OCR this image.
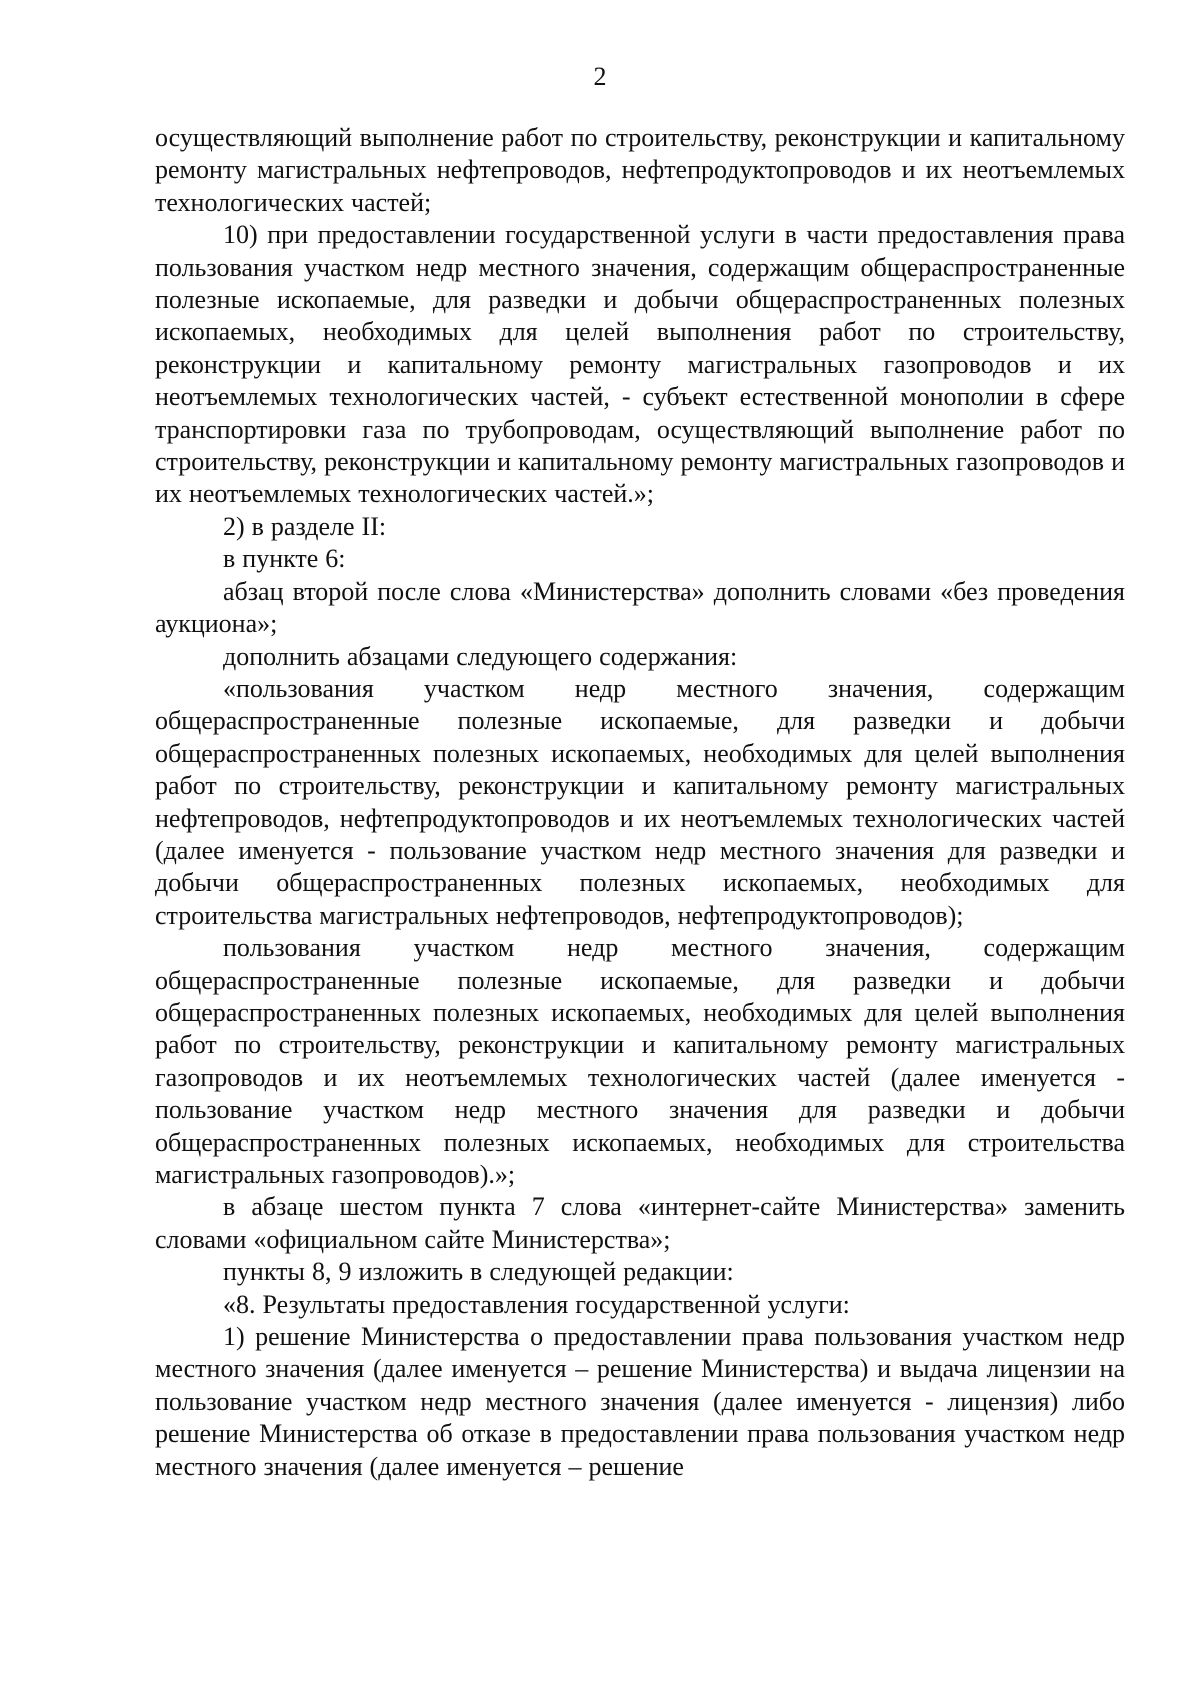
2

осуществляющий выполнение работ по строительству, реконструкции и капитальному ремонту магистральных нефтепроводов, нефтепродуктопроводов и их неотъемлемых технологических частей;

10) при предоставлении государственной услуги в части предоставления права пользования участком недр местного значения, содержащим общераспространенные полезные ископаемые, для разведки и добычи общераспространенных полезных ископаемых, необходимых для целей выполнения работ по строительству, реконструкции и капитальному ремонту магистральных газопроводов и их неотъемлемых технологических частей, - субъект естественной монополии в сфере транспортировки газа по трубопроводам, осуществляющий выполнение работ по строительству, реконструкции и капитальному ремонту магистральных газопроводов и их неотъемлемых технологических частей.»;

2) в разделе II:

в пункте 6:

абзац второй после слова «Министерства» дополнить словами «без проведения аукциона»;

дополнить абзацами следующего содержания:

«пользования участком недр местного значения, содержащим общераспространенные полезные ископаемые, для разведки и добычи общераспространенных полезных ископаемых, необходимых для целей выполнения работ по строительству, реконструкции и капитальному ремонту магистральных нефтепроводов, нефтепродуктопроводов и их неотъемлемых технологических частей (далее именуется - пользование участком недр местного значения для разведки и добычи общераспространенных полезных ископаемых, необходимых для строительства магистральных нефтепроводов, нефтепродуктопроводов);

пользования участком недр местного значения, содержащим общераспространенные полезные ископаемые, для разведки и добычи общераспространенных полезных ископаемых, необходимых для целей выполнения работ по строительству, реконструкции и капитальному ремонту магистральных газопроводов и их неотъемлемых технологических частей (далее именуется - пользование участком недр местного значения для разведки и добычи общераспространенных полезных ископаемых, необходимых для строительства магистральных газопроводов).»;

в абзаце шестом пункта 7 слова «интернет-сайте Министерства» заменить словами «официальном сайте Министерства»;

пункты 8, 9 изложить в следующей редакции:

«8. Результаты предоставления государственной услуги:

1) решение Министерства о предоставлении права пользования участком недр местного значения (далее именуется – решение Министерства) и выдача лицензии на пользование участком недр местного значения (далее именуется - лицензия) либо решение Министерства об отказе в предоставлении права пользования участком недр местного значения (далее именуется – решение
